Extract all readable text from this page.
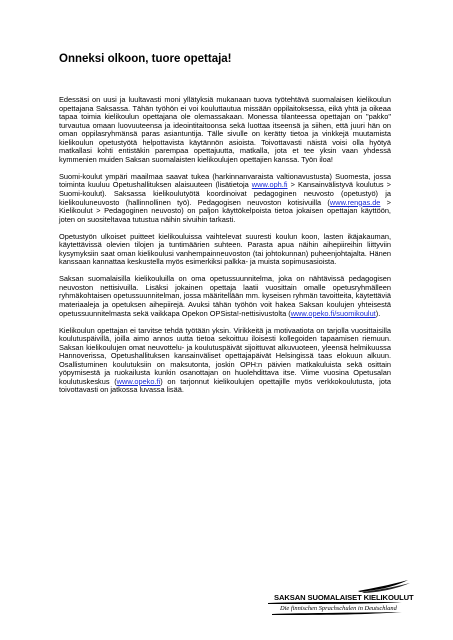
Onneksi olkoon, tuore opettaja!

Edessäsi on uusi ja luultavasti moni yllätyksiä mukanaan tuova työtehtävä suomalaisen kielikoulun opettajana Saksassa. Tähän työhön ei voi kouluttautua missään oppilaitoksessa, eikä yhtä ja oikeaa tapaa toimia kielikoulun opettajana ole olemassakaan. Monessa tilanteessa opettajan on "pakko" turvautua omaan luovuuteensa ja ideointitaitoonsa sekä luottaa itseensä ja siihen, että juuri hän on oman oppilasryhmänsä paras asiantuntija. Tälle sivulle on kerätty tietoa ja vinkkejä muutamista kielikoulun opetustyötä helpottavista käytännön asioista. Toivottavasti näistä voisi olla hyötyä matkallasi kohti entistäkin parempaa opettajuutta, matkalla, jota et tee yksin vaan yhdessä kymmenien muiden Saksan suomalaisten kielikoulujen opettajien kanssa. Työn iloa!

Suomi-koulut ympäri maailmaa saavat tukea (harkinnanvaraista valtionavustusta) Suomesta, jossa toiminta kuuluu Opetushallituksen alaisuuteen (lisätietoja www.oph.fi > Kansainvälistyvä koulutus > Suomi-koulut). Saksassa kielikoulutyötä koordinoivat pedagoginen neuvosto (opetustyö) ja kielikouluneuvosto (hallinnollinen työ). Pedagogisen neuvoston kotisivuilla (www.rengas.de > Kielikoulut > Pedagoginen neuvosto) on paljon käyttökelpoista tietoa jokaisen opettajan käyttöön, joten on suositeltavaa tutustua näihin sivuihin tarkasti.

Opetustyön ulkoiset puitteet kielikouluissa vaihtelevat suuresti koulun koon, lasten ikäjakauman, käytettävissä olevien tilojen ja tuntimäärien suhteen. Parasta apua näihin aihepiireihin liittyviin kysymyksiin saat oman kielikoulusi vanhempainneuvoston (tai johtokunnan) puheenjohtajalta. Hänen kanssaan kannattaa keskustella myös esimerkiksi palkka- ja muista sopimusasioista.

Saksan suomalaisilla kielikouluilla on oma opetussuunnitelma, joka on nähtävissä pedagogisen neuvoston nettisivuilla. Lisäksi jokainen opettaja laatii vuosittain omalle opetusryhmälleen ryhmäkohtaisen opetussuunnitelman, jossa määritellään mm. kyseisen ryhmän tavoitteita, käytettäviä materiaaleja ja opetuksen aihepiirejä. Avuksi tähän työhön voit hakea Saksan koulujen yhteisestä opetussuunnitelmasta sekä vaikkapa Opekon OPSista!-nettisivustolta (www.opeko.fi/suomikoulut).

Kielikoulun opettajan ei tarvitse tehdä työtään yksin. Virikkeitä ja motivaatiota on tarjolla vuosittaisilla koulutuspäivillä, joilla aimo annos uutta tietoa sekoittuu iloisesti kollegoiden tapaamisen riemuun. Saksan kielikoulujen omat neuvottelu- ja koulutuspäivät sijoittuvat alkuvuoteen, yleensä helmikuussa Hannoverissa, Opetushallituksen kansainväliset opettajapäivät Helsingissä taas elokuun alkuun. Osallistuminen koulutuksiin on maksutonta, joskin OPH:n päivien matkakuluista sekä osittain yöpymisestä ja ruokailusta kunkin osanottajan on huolehdittava itse. Viime vuosina Opetusalan koulutuskeskus (www.opeko.fi) on tarjonnut kielikoulujen opettajille myös verkkokoulutusta, jota toivottavasti on jatkossa luvassa lisää.

SAKSAN SUOMALAISET KIELIKOULUT
Die finnischen Sprachschulen in Deutschland
